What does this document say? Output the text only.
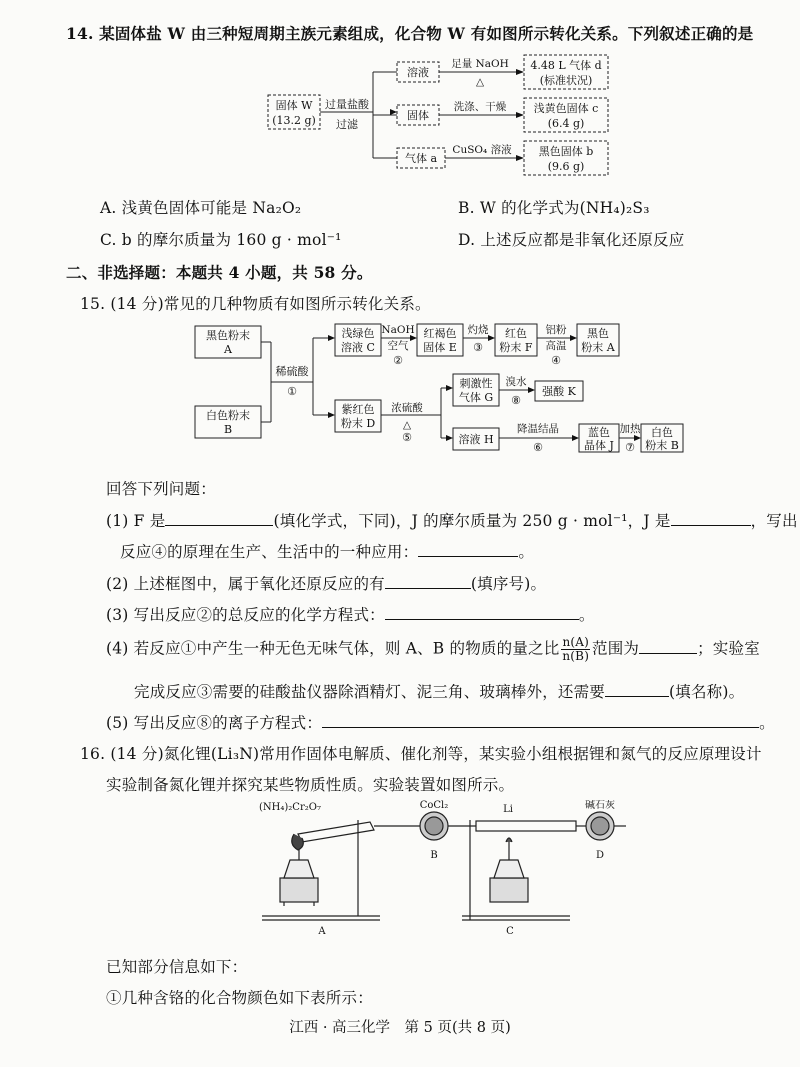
14. 某固体盐 W 由三种短周期主族元素组成，化合物 W 有如图所示转化关系。下列叙述正确的是
固体 W
(13.2 g)
过量盐酸
过滤
溶液
固体
气体 a
足量 NaOH
△
洗涤、干燥
CuSO₄ 溶液
4.48 L 气体 d
(标准状况)
浅黄色固体 c
(6.4 g)
黑色固体 b
(9.6 g)
A. 浅黄色固体可能是 Na₂O₂	B. W 的化学式为(NH₄)₂S₃
C. b 的摩尔质量为 160 g · mol⁻¹	D. 上述反应都是非氧化还原反应
二、非选择题：本题共 4 小题，共 58 分。
15. (14 分)常见的几种物质有如图所示转化关系。
黑色粉末
A
白色粉末
B
稀硫酸
①
浅绿色
溶液 C
NaOH
空气
②
红褐色
固体 E
灼烧
③
红色
粉末 F
铝粉
高温
④
黑色
粉末 A
紫红色
粉末 D
浓硫酸
△
⑤
刺激性
气体 G
溴水
⑧
强酸 K
溶液 H
降温结晶
⑥
蓝色
晶体 J
加热
⑦
白色
粉末 B
回答下列问题：
(1) F 是	(填化学式，下同)，J 的摩尔质量为 250 g · mol⁻¹，J 是	，写出
反应④的原理在生产、生活中的一种应用：	。
(2) 上述框图中，属于氧化还原反应的有	(填序号)。
(3) 写出反应②的总反应的化学方程式：	。
(4) 若反应①中产生一种无色无味气体，则 A、B 的物质的量之比 $\frac{n(A)}{n(B)}$ 范围为	；实验室
完成反应③需要的硅酸盐仪器除酒精灯、泥三角、玻璃棒外，还需要	(填名称)。
(5) 写出反应⑧的离子方程式：	。
16. (14 分)氮化锂(Li₃N)常用作固体电解质、催化剂等，某实验小组根据锂和氮气的反应原理设计
实验制备氮化锂并探究某些物质性质。实验装置如图所示。
(NH₄)₂Cr₂O₇	CoCl₂	Li	碱石灰
A
B
C
D
已知部分信息如下：
①几种含铬的化合物颜色如下表所示：
江西 · 高三化学　第 5 页(共 8 页)
